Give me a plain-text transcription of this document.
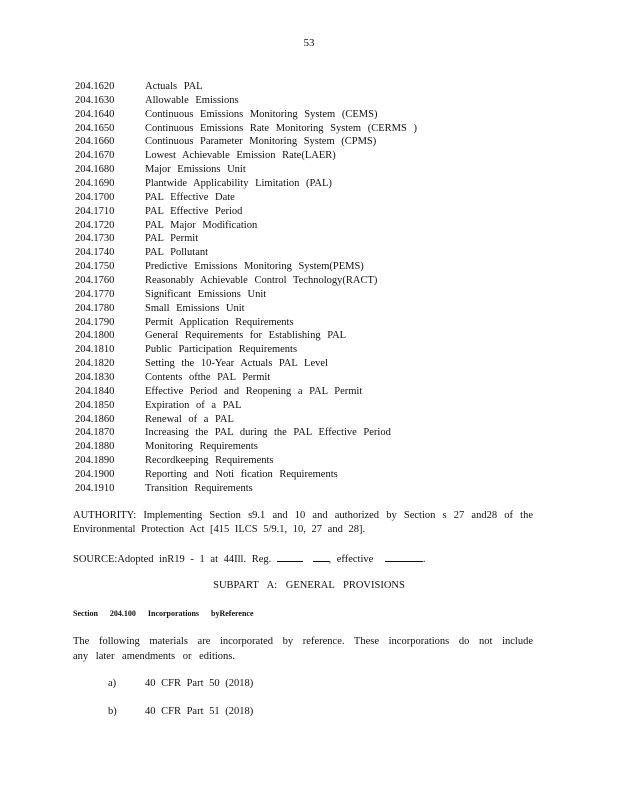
53
204.1620	Actuals PAL
204.1630	Allowable Emissions
204.1640	Continuous Emissions Monitoring System (CEMS)
204.1650	Continuous Emissions Rate Monitoring System (CERMS )
204.1660	Continuous Parameter Monitoring System (CPMS)
204.1670	Lowest Achievable Emission Rate(LAER)
204.1680	Major Emissions Unit
204.1690	Plantwide Applicability Limitation (PAL)
204.1700	PAL Effective Date
204.1710	PAL Effective Period
204.1720	PAL Major Modification
204.1730	PAL Permit
204.1740	PAL Pollutant
204.1750	Predictive Emissions Monitoring System(PEMS)
204.1760	Reasonably Achievable Control Technology(RACT)
204.1770	Significant Emissions Unit
204.1780	Small Emissions Unit
204.1790	Permit Application Requirements
204.1800	General Requirements for Establishing PAL
204.1810	Public Participation Requirements
204.1820	Setting the 10-Year Actuals PAL Level
204.1830	Contents ofthe PAL Permit
204.1840	Effective Period and Reopening a PAL Permit
204.1850	Expiration of a PAL
204.1860	Renewal of a PAL
204.1870	Increasing the PAL during the PAL Effective Period
204.1880	Monitoring Requirements
204.1890	Recordkeeping Requirements
204.1900	Reporting and Noti fication Requirements
204.1910	Transition Requirements
AUTHORITY: Implementing Section s9.1 and 10 and authorized by Section s 27 and28 of the Environmental Protection Act [415 ILCS 5/9.1, 10, 27 and 28].
SOURCE:Adopted inR19 - 1 at 44Ill. Reg.	, effective	.
SUBPART A: GENERAL PROVISIONS
Section 204.100 Incorporations byReference
The following materials are incorporated by reference. These incorporations do not include any later amendments or editions.
a)	40 CFR Part 50 (2018)
b)	40 CFR Part 51 (2018)
